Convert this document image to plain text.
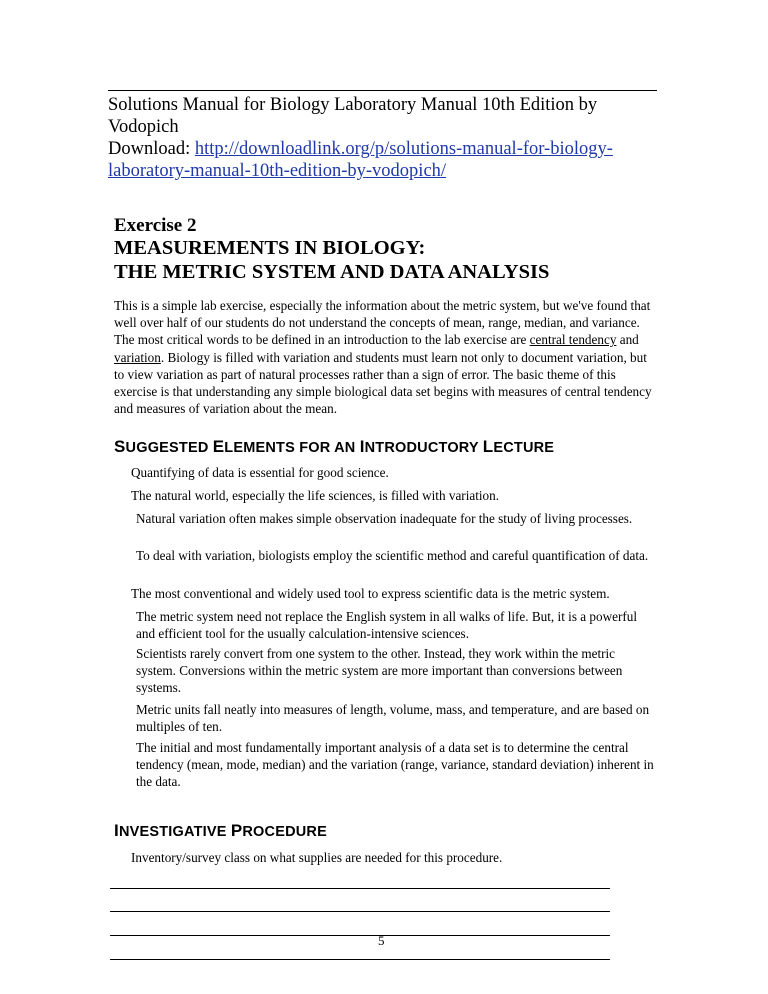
Solutions Manual for Biology Laboratory Manual 10th Edition by Vodopich
Download: http://downloadlink.org/p/solutions-manual-for-biology-laboratory-manual-10th-edition-by-vodopich/
Exercise 2
MEASUREMENTS IN BIOLOGY:
THE METRIC SYSTEM AND DATA ANALYSIS
This is a simple lab exercise, especially the information about the metric system, but we've found that well over half of our students do not understand the concepts of mean, range, median, and variance. The most critical words to be defined in an introduction to the lab exercise are central tendency and variation. Biology is filled with variation and students must learn not only to document variation, but to view variation as part of natural processes rather than a sign of error. The basic theme of this exercise is that understanding any simple biological data set begins with measures of central tendency and measures of variation about the mean.
SUGGESTED ELEMENTS FOR AN INTRODUCTORY LECTURE
Quantifying of data is essential for good science.
The natural world, especially the life sciences, is filled with variation.
Natural variation often makes simple observation inadequate for the study of living processes.
To deal with variation, biologists employ the scientific method and careful quantification of data.
The most conventional and widely used tool to express scientific data is the metric system.
The metric system need not replace the English system in all walks of life. But, it is a powerful and efficient tool for the usually calculation-intensive sciences.
Scientists rarely convert from one system to the other. Instead, they work within the metric system. Conversions within the metric system are more important than conversions between systems.
Metric units fall neatly into measures of length, volume, mass, and temperature, and are based on multiples of ten.
The initial and most fundamentally important analysis of a data set is to determine the central tendency (mean, mode, median) and the variation (range, variance, standard deviation) inherent in the data.
INVESTIGATIVE PROCEDURE
Inventory/survey class on what supplies are needed for this procedure.
5
